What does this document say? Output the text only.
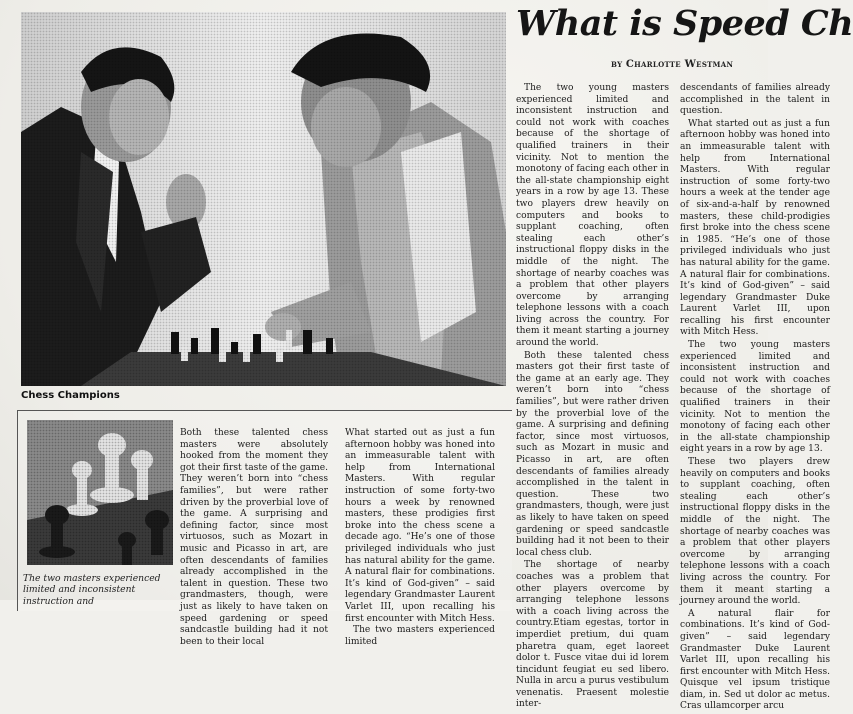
Chess Champions
The two masters experienced limited and inconsistent instruction and

Both these talented chess masters were absolutely hooked from the moment they got their first taste of the game. They weren’t born into “chess families”, but were rather driven by the proverbial love of the game. A surprising and defining factor, since most virtuosos, such as Mozart in music and Picasso in art, are often descendants of families already accomplished in the talent in question. These two grandmasters, though, were just as likely to have taken on speed gardening or speed sandcastle building had it not been to their local

What started out as just a fun afternoon hobby was honed into an immeasurable talent with help from International Masters. With regular instruction of some forty-two hours a week by renowned masters, these prodigies first broke into the chess scene a decade ago. “He’s one of those privileged individuals who just has natural ability for the game. A natural flair for combinations. It’s kind of God-given” – said legendary Grandmaster Laurent Varlet III, upon recalling his first encounter with Mitch Hess.

The two masters experienced limited

What is Speed Ch
by Charlotte Westman

The two young masters experienced limited and inconsistent instruction and could not work with coaches because of the shortage of qualified trainers in their vicinity. Not to mention the monotony of facing each other in the all-state championship eight years in a row by age 13. These two players drew heavily on computers and books to supplant coaching, often stealing each other’s instructional floppy disks in the middle of the night. The shortage of nearby coaches was a problem that other players overcome by arranging telephone lessons with a coach living across the country. For them it meant starting a journey around the world.

Both these talented chess masters got their first taste of the game at an early age. They weren’t born into “chess families”, but were rather driven by the proverbial love of the game. A surprising and defining factor, since most virtuosos, such as Mozart in music and Picasso in art, are often descendants of families already accomplished in the talent in question. These two grandmasters, though, were just as likely to have taken on speed gardening or speed sandcastle building had it not been to their local chess club.

The shortage of nearby coaches was a problem that other players overcome by arranging telephone lessons with a coach living across the country.Etiam egestas, tortor in imperdiet pretium, dui quam pharetra quam, eget laoreet dolor t. Fusce vitae dui id lorem tincidunt feugiat eu sed libero. Nulla in arcu a purus vestibulum venenatis. Praesent molestie inter-

descendants of families already accomplished in the talent in question.

What started out as just a fun afternoon hobby was honed into an immeasurable talent with help from International Masters. With regular instruction of some forty-two hours a week at the tender age of six-and-a-half by renowned masters, these child-prodigies first broke into the chess scene in 1985. “He’s one of those privileged individuals who just has natural ability for the game. A natural flair for combinations. It’s kind of God-given” – said legendary Grandmaster Duke Laurent Varlet III, upon recalling his first encounter with Mitch Hess.

The two young masters experienced limited and inconsistent instruction and could not work with coaches because of the shortage of qualified trainers in their vicinity. Not to mention the monotony of facing each other in the all-state championship eight years in a row by age 13.

These two players drew heavily on computers and books to supplant coaching, often stealing each other’s instructional floppy disks in the middle of the night. The shortage of nearby coaches was a problem that other players overcome by arranging telephone lessons with a coach living across the country. For them it meant starting a journey around the world.

A natural flair for combinations. It’s kind of God-given” – said legendary Grandmaster Duke Laurent Varlet III, upon recalling his first encounter with Mitch Hess. Quisque vel ipsum tristique diam, in. Sed ut dolor ac metus. Cras ullamcorper arcu
